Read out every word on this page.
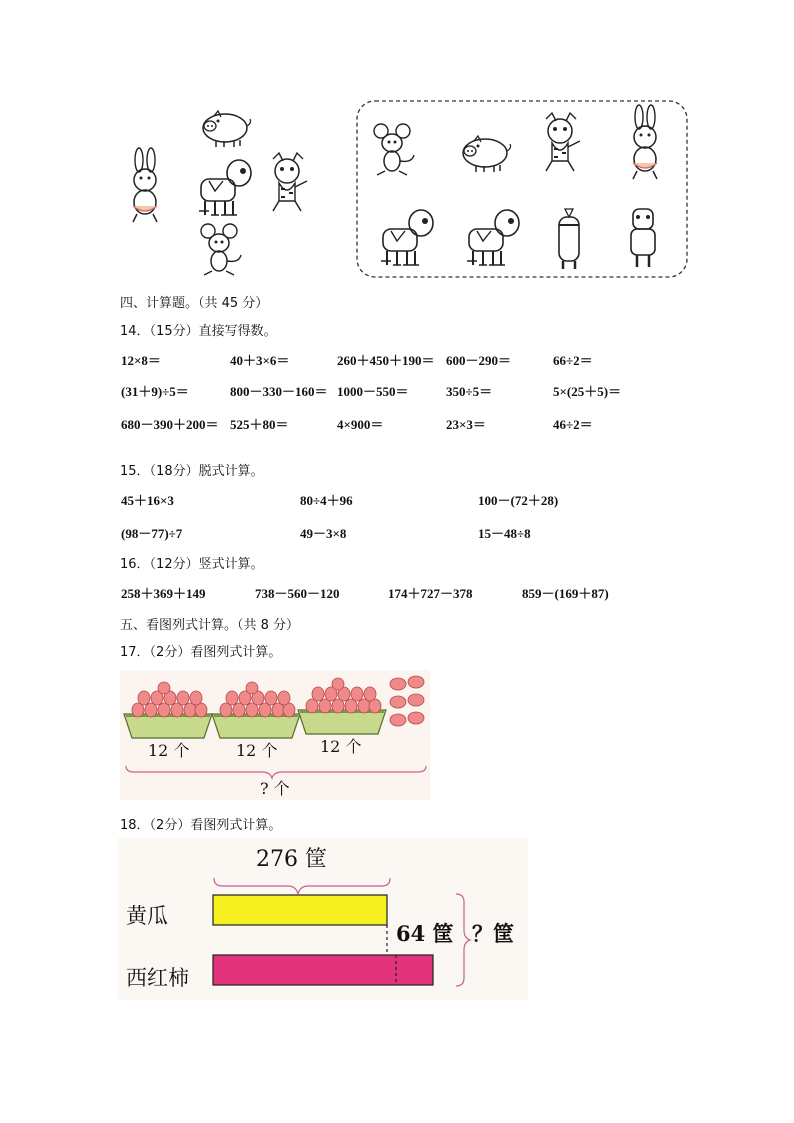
四、计算题。（共 45 分）
14．（15分）直接写得数。
12×8＝	40＋3×6＝	260＋450＋190＝ 600－290＝	66÷2＝
(31＋9)÷5＝	800－330－160＝ 1000－550＝	350÷5＝	5×(25＋5)＝
680－390＋200＝ 525＋80＝	4×900＝	23×3＝	46÷2＝
15．（18分）脱式计算。
45＋16×3	80÷4＋96	100－(72＋28)
(98－77)÷7	49－3×8	15－48÷8
16．（12分）竖式计算。
258＋369＋149	738－560－120	174＋727－378	859－(169＋87)
五、看图列式计算。（共 8 分）
17．（2分）看图列式计算。
12 个	12 个	12 个
? 个
18．（2分）看图列式计算。
276 筐
黄瓜
西红柿
64 筐 ？筐
